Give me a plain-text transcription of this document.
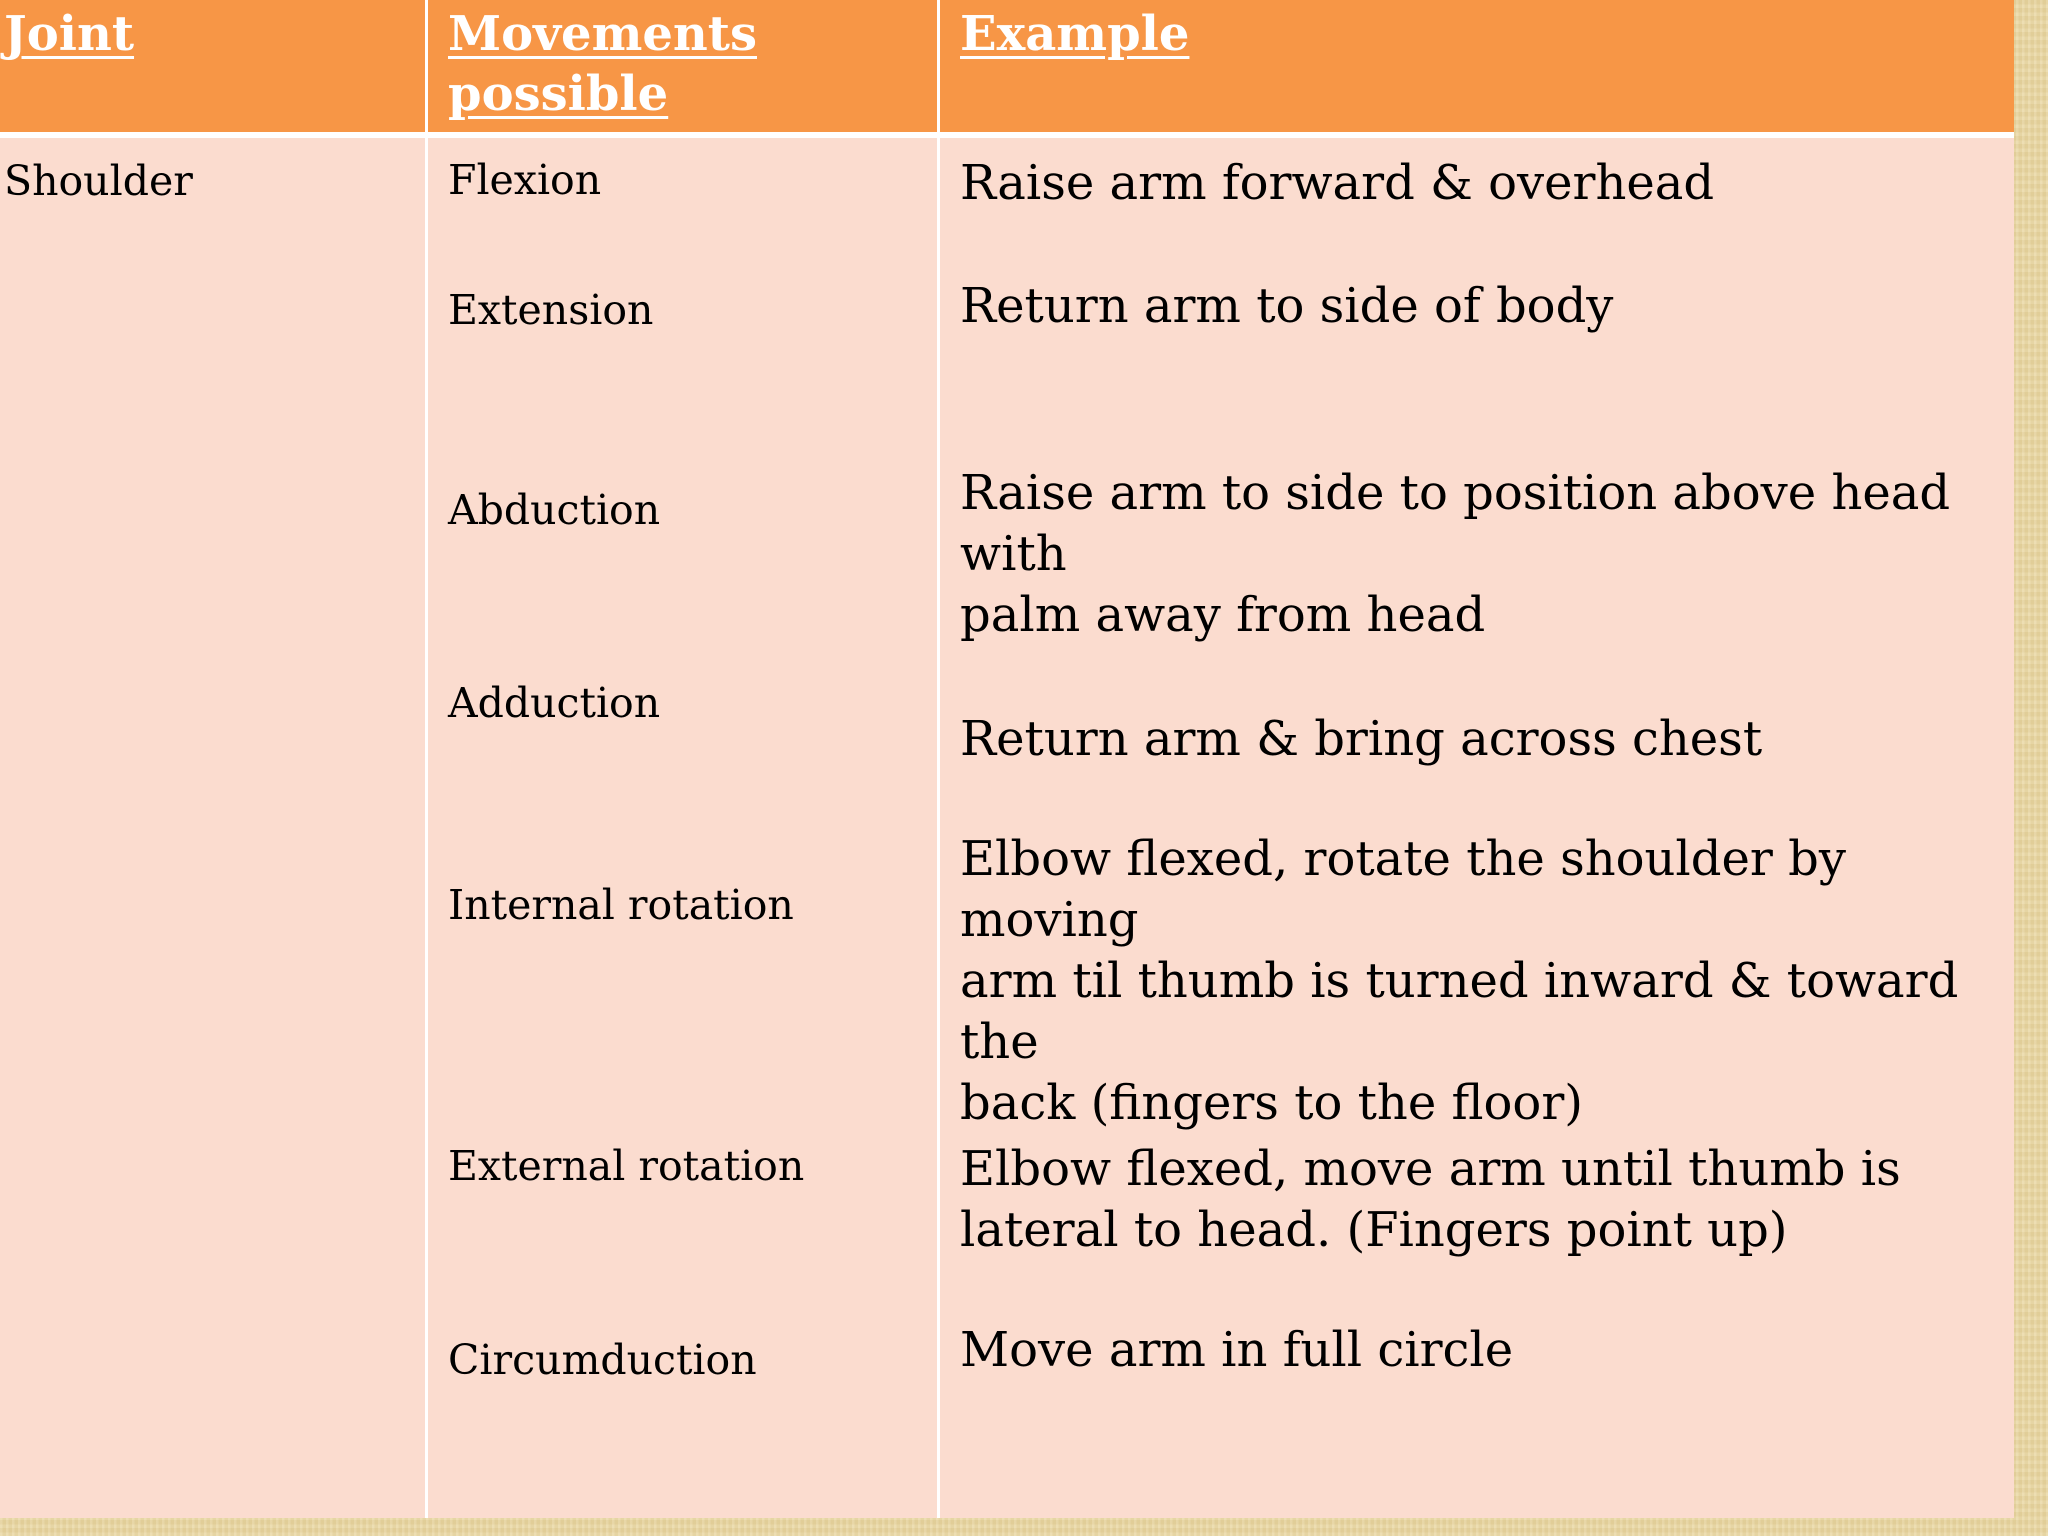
Joint	Movements
possible
Example
Shoulder	Flexion
Extension
Abduction
Adduction
Internal rotation
External rotation
Circumduction
Raise arm forward & overhead
Return arm to side of body
Raise arm to side to position above head with
palm away from head
Return arm & bring across chest
Elbow flexed, rotate the shoulder by moving
arm til thumb is turned inward & toward the
back (fingers to the floor)
Elbow flexed, move arm until thumb is
lateral to head. (Fingers point up)
Move arm in full circle
